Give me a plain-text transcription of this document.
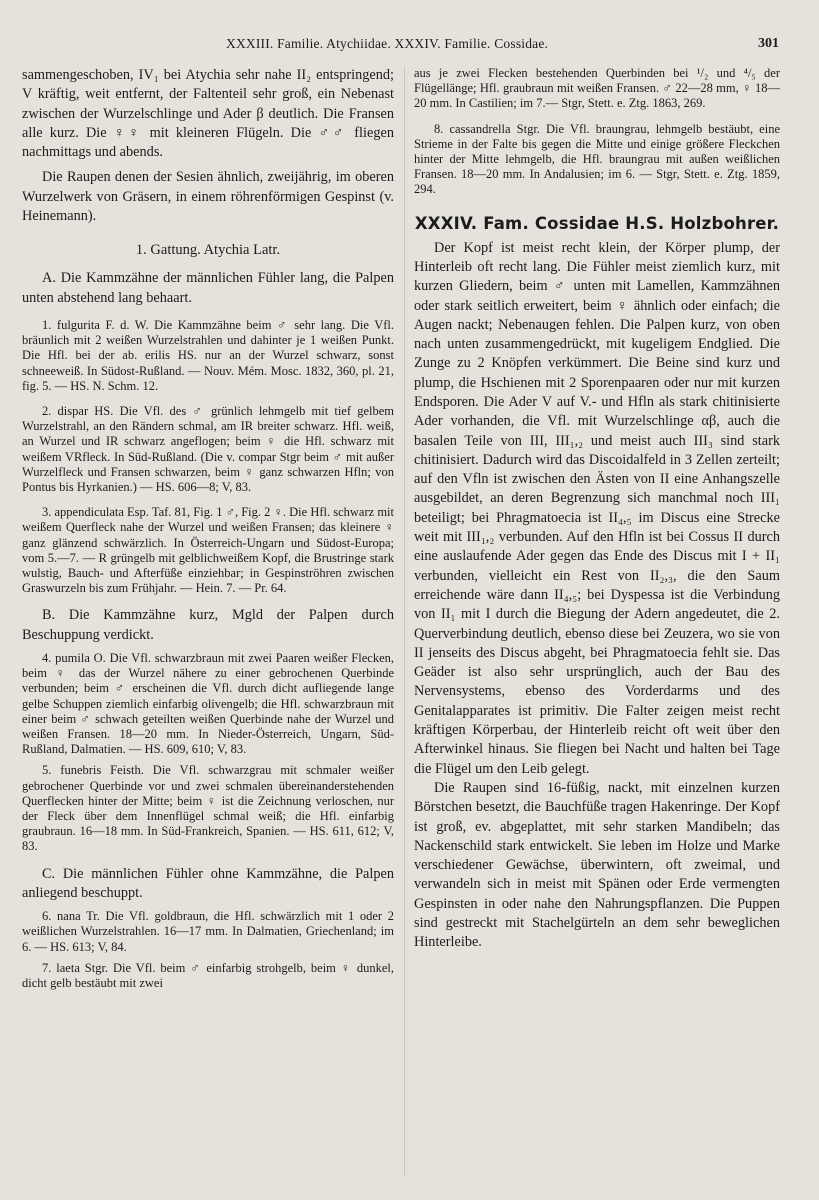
XXXIII. Familie. Atychiidae. XXXIV. Familie. Cossidae.	301

sammengeschoben, IV₁ bei Atychia sehr nahe II₂ entspringend; V kräftig, weit entfernt, der Faltenteil sehr groß, ein Nebenast zwischen der Wurzelschlinge und Ader β deutlich. Die Fransen alle kurz. Die ♀♀ mit kleineren Flügeln. Die ♂♂ fliegen nachmittags und abends.

Die Raupen denen der Sesien ähnlich, zweijährig, im oberen Wurzelwerk von Gräsern, in einem röhrenförmigen Gespinst (v. Heinemann).

1. Gattung. Atychia Latr.

A. Die Kammzähne der männlichen Fühler lang, die Palpen unten abstehend lang behaart.

1. fulgurita F. d. W. Die Kammzähne beim ♂ sehr lang. Die Vfl. bräunlich mit 2 weißen Wurzelstrahlen und dahinter je 1 weißen Punkt. Die Hfl. bei der ab. erilis HS. nur an der Wurzel schwarz, sonst schneeweiß. In Südost-Rußland. — Nouv. Mém. Mosc. 1832, 360, pl. 21, fig. 5. — HS. N. Schm. 12.

2. dispar HS. Die Vfl. des ♂ grünlich lehmgelb mit tief gelbem Wurzelstrahl, an den Rändern schmal, am IR breiter schwarz. Hfl. weiß, an Wurzel und IR schwarz angeflogen; beim ♀ die Hfl. schwarz mit weißem VRfleck. In Süd-Rußland. (Die v. compar Stgr beim ♂ mit außer Wurzelfleck und Fransen schwarzen, beim ♀ ganz schwarzen Hfln; von Pontus bis Hyrkanien.) — HS. 606—8; V, 83.

3. appendiculata Esp. Taf. 81, Fig. 1 ♂, Fig. 2 ♀. Die Hfl. schwarz mit weißem Querfleck nahe der Wurzel und weißen Fransen; das kleinere ♀ ganz glänzend schwärzlich. In Österreich-Ungarn und Südost-Europa; vom 5.—7. — R grüngelb mit gelblichweißem Kopf, die Brustringe stark wulstig, Bauch- und Afterfüße einziehbar; in Gespinströhren zwischen Graswurzeln bis zum Frühjahr. — Hein. 7. — Pr. 64.

B. Die Kammzähne kurz, Mgld der Palpen durch Beschuppung verdickt.

4. pumila O. Die Vfl. schwarzbraun mit zwei Paaren weißer Flecken, beim ♀ das der Wurzel nähere zu einer gebrochenen Querbinde verbunden; beim ♂ erscheinen die Vfl. durch dicht aufliegende lange gelbe Schuppen ziemlich einfarbig olivengelb; die Hfl. schwarzbraun mit einer beim ♂ schwach geteilten weißen Querbinde nahe der Wurzel und weißen Fransen. 18—20 mm. In Nieder-Österreich, Ungarn, Süd-Rußland, Dalmatien. — HS. 609, 610; V, 83.

5. funebris Feisth. Die Vfl. schwarzgrau mit schmaler weißer gebrochener Querbinde vor und zwei schmalen übereinanderstehenden Querflecken hinter der Mitte; beim ♀ ist die Zeichnung verloschen, nur der Fleck über dem Innenflügel schmal weiß; die Hfl. einfarbig graubraun. 16—18 mm. In Süd-Frankreich, Spanien. — HS. 611, 612; V, 83.

C. Die männlichen Fühler ohne Kammzähne, die Palpen anliegend beschuppt.

6. nana Tr. Die Vfl. goldbraun, die Hfl. schwärzlich mit 1 oder 2 weißlichen Wurzelstrahlen. 16—17 mm. In Dalmatien, Griechenland; im 6. — HS. 613; V, 84.

7. laeta Stgr. Die Vfl. beim ♂ einfarbig strohgelb, beim ♀ dunkel, dicht gelb bestäubt mit zwei

aus je zwei Flecken bestehenden Querbinden bei ¹/₂ und ⁴/₅ der Flügellänge; Hfl. graubraun mit weißen Fransen. ♂ 22—28 mm, ♀ 18—20 mm. In Castilien; im 7.— Stgr, Stett. e. Ztg. 1863, 269.

8. cassandrella Stgr. Die Vfl. braungrau, lehmgelb bestäubt, eine Strieme in der Falte bis gegen die Mitte und einige größere Fleckchen hinter der Mitte lehmgelb, die Hfl. braungrau mit außen weißlichen Fransen. 18—20 mm. In Andalusien; im 6. — Stgr, Stett. e. Ztg. 1859, 294.

XXXIV. Fam. Cossidae H.S. Holzbohrer.

Der Kopf ist meist recht klein, der Körper plump, der Hinterleib oft recht lang. Die Fühler meist ziemlich kurz, mit kurzen Gliedern, beim ♂ unten mit Lamellen, Kammzähnen oder stark seitlich erweitert, beim ♀ ähnlich oder einfach; die Augen nackt; Nebenaugen fehlen. Die Palpen kurz, von oben nach unten zusammengedrückt, mit kugeligem Endglied. Die Zunge zu 2 Knöpfen verkümmert. Die Beine sind kurz und plump, die Hschienen mit 2 Sporenpaaren oder nur mit kurzen Endsporen. Die Ader V auf V.- und Hfln als stark chitinisierte Ader vorhanden, die Vfl. mit Wurzelschlinge αβ, auch die basalen Teile von III, III₁,₂ und meist auch III₃ sind stark chitinisiert. Dadurch wird das Discoidalfeld in 3 Zellen zerteilt; auf den Vfln ist zwischen den Ästen von II eine Anhangszelle ausgebildet, an deren Begrenzung sich manchmal noch III₁ beteiligt; bei Phragmatoecia ist II₄,₅ im Discus eine Strecke weit mit III₁,₂ verbunden. Auf den Hfln ist bei Cossus II durch eine auslaufende Ader gegen das Ende des Discus mit I + II₁ verbunden, vielleicht ein Rest von II₂,₃, die den Saum erreichende wäre dann II₄,₅; bei Dyspessa ist die Verbindung von II₁ mit I durch die Biegung der Adern angedeutet, die 2. Querverbindung deutlich, ebenso diese bei Zeuzera, wo sie von II jenseits des Discus abgeht, bei Phragmatoecia fehlt sie. Das Geäder ist also sehr ursprünglich, auch der Bau des Nervensystems, ebenso des Vorderdarms und des Genitalapparates ist primitiv. Die Falter zeigen meist recht kräftigen Körperbau, der Hinterleib reicht oft weit über den Afterwinkel hinaus. Sie fliegen bei Nacht und halten bei Tage die Flügel um den Leib gelegt.

Die Raupen sind 16-füßig, nackt, mit einzelnen kurzen Börstchen besetzt, die Bauchfüße tragen Hakenringe. Der Kopf ist groß, ev. abgeplattet, mit sehr starken Mandibeln; das Nackenschild stark entwickelt. Sie leben im Holze und Marke verschiedener Gewächse, überwintern, oft zweimal, und verwandeln sich in meist mit Spänen oder Erde vermengten Gespinsten in oder nahe den Nahrungspflanzen. Die Puppen sind gestreckt mit Stachelgürteln an dem sehr beweglichen Hinterleibe.
